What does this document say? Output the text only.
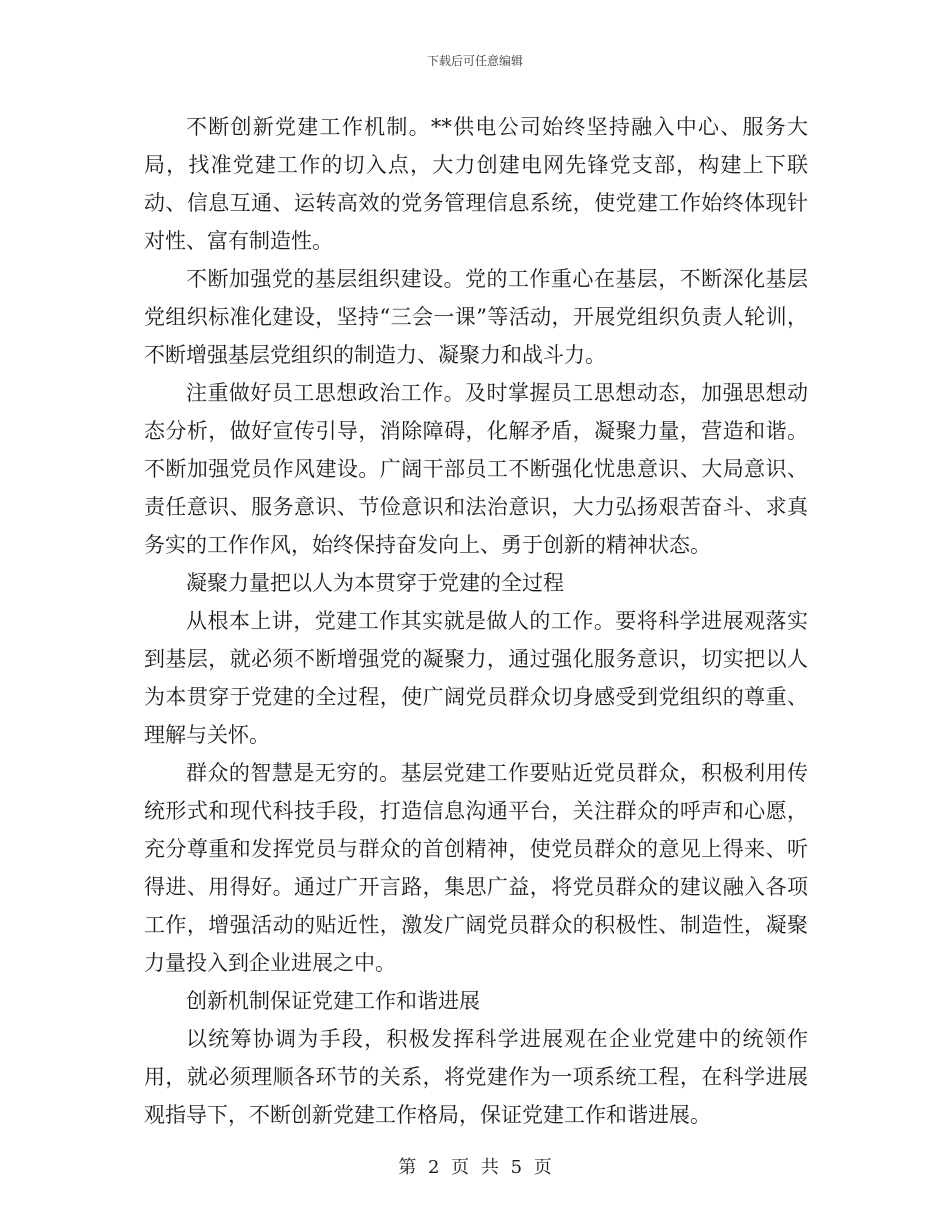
下载后可任意编辑

不断创新党建工作机制。**供电公司始终坚持融入中心、服务大局，找准党建工作的切入点，大力创建电网先锋党支部，构建上下联动、信息互通、运转高效的党务管理信息系统，使党建工作始终体现针对性、富有制造性。

不断加强党的基层组织建设。党的工作重心在基层，不断深化基层党组织标准化建设，坚持“三会一课”等活动，开展党组织负责人轮训，不断增强基层党组织的制造力、凝聚力和战斗力。

注重做好员工思想政治工作。及时掌握员工思想动态，加强思想动态分析，做好宣传引导，消除障碍，化解矛盾，凝聚力量，营造和谐。不断加强党员作风建设。广阔干部员工不断强化忧患意识、大局意识、责任意识、服务意识、节俭意识和法治意识，大力弘扬艰苦奋斗、求真务实的工作作风，始终保持奋发向上、勇于创新的精神状态。

凝聚力量把以人为本贯穿于党建的全过程

从根本上讲，党建工作其实就是做人的工作。要将科学进展观落实到基层，就必须不断增强党的凝聚力，通过强化服务意识，切实把以人为本贯穿于党建的全过程，使广阔党员群众切身感受到党组织的尊重、理解与关怀。

群众的智慧是无穷的。基层党建工作要贴近党员群众，积极利用传统形式和现代科技手段，打造信息沟通平台，关注群众的呼声和心愿，充分尊重和发挥党员与群众的首创精神，使党员群众的意见上得来、听得进、用得好。通过广开言路，集思广益，将党员群众的建议融入各项工作，增强活动的贴近性，激发广阔党员群众的积极性、制造性，凝聚力量投入到企业进展之中。

创新机制保证党建工作和谐进展

以统筹协调为手段，积极发挥科学进展观在企业党建中的统领作用，就必须理顺各环节的关系，将党建作为一项系统工程，在科学进展观指导下，不断创新党建工作格局，保证党建工作和谐进展。

第 2 页 共 5 页
